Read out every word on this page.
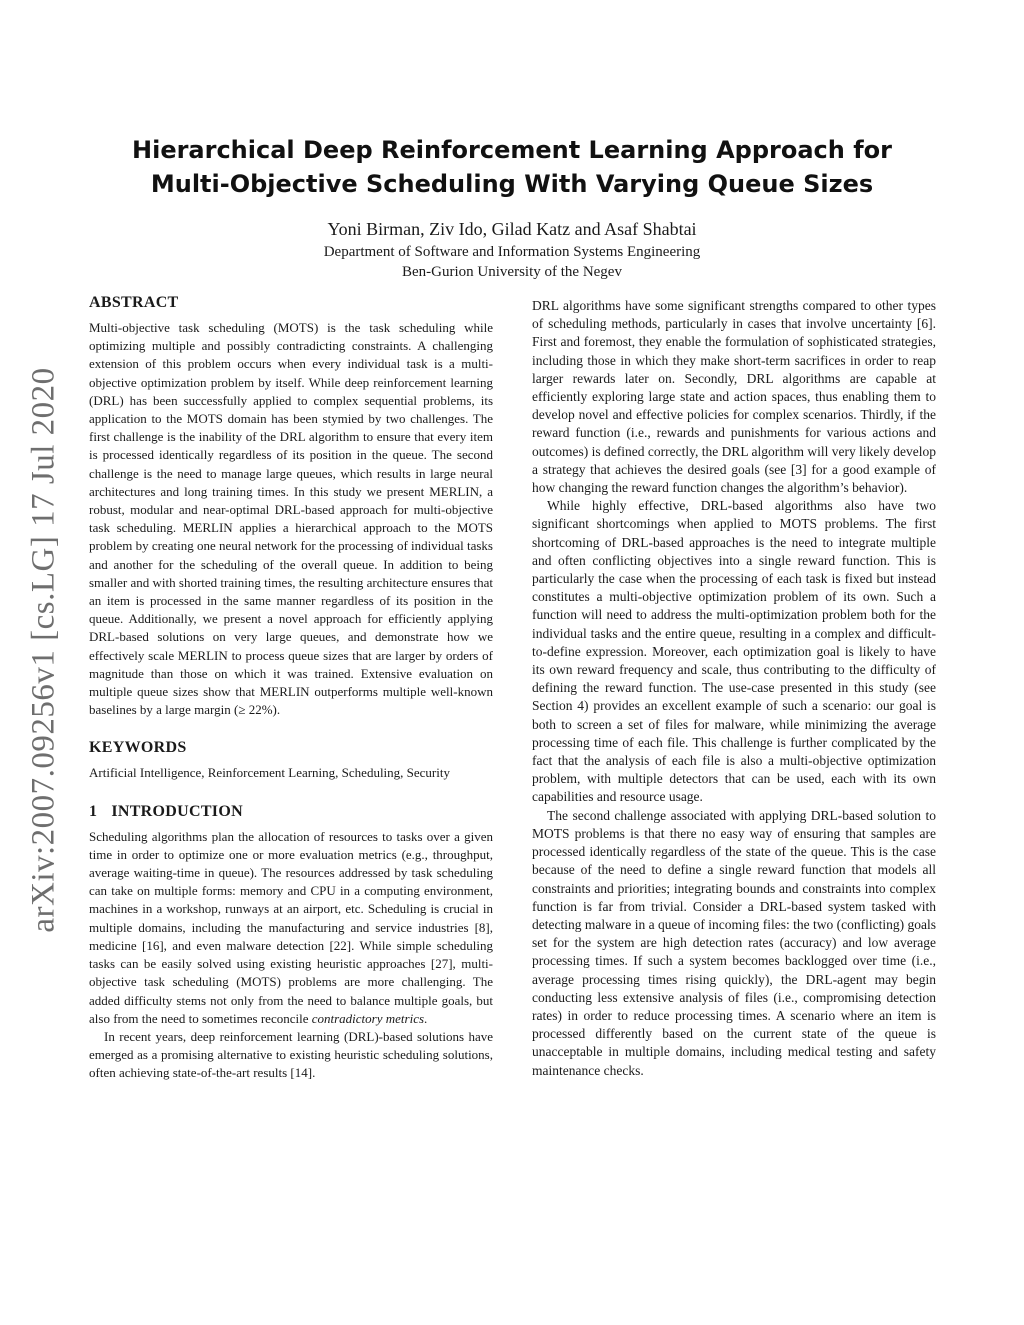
arXiv:2007.09256v1 [cs.LG] 17 Jul 2020
Hierarchical Deep Reinforcement Learning Approach for
Multi-Objective Scheduling With Varying Queue Sizes
Yoni Birman, Ziv Ido, Gilad Katz and Asaf Shabtai
Department of Software and Information Systems Engineering
Ben-Gurion University of the Negev
ABSTRACT

Multi-objective task scheduling (MOTS) is the task scheduling while optimizing multiple and possibly contradicting constraints. A challenging extension of this problem occurs when every individual task is a multi-objective optimization problem by itself. While deep reinforcement learning (DRL) has been successfully applied to complex sequential problems, its application to the MOTS domain has been stymied by two challenges. The first challenge is the inability of the DRL algorithm to ensure that every item is processed identically regardless of its position in the queue. The second challenge is the need to manage large queues, which results in large neural architectures and long training times. In this study we present MERLIN, a robust, modular and near-optimal DRL-based approach for multi-objective task scheduling. MERLIN applies a hierarchical approach to the MOTS problem by creating one neural network for the processing of individual tasks and another for the scheduling of the overall queue. In addition to being smaller and with shorted training times, the resulting architecture ensures that an item is processed in the same manner regardless of its position in the queue. Additionally, we present a novel approach for efficiently applying DRL-based solutions on very large queues, and demonstrate how we effectively scale MERLIN to process queue sizes that are larger by orders of magnitude than those on which it was trained. Extensive evaluation on multiple queue sizes show that MERLIN outperforms multiple well-known baselines by a large margin (≥ 22%).

KEYWORDS

Artificial Intelligence, Reinforcement Learning, Scheduling, Security

1 INTRODUCTION

Scheduling algorithms plan the allocation of resources to tasks over a given time in order to optimize one or more evaluation metrics (e.g., throughput, average waiting-time in queue). The resources addressed by task scheduling can take on multiple forms: memory and CPU in a computing environment, machines in a workshop, runways at an airport, etc. Scheduling is crucial in multiple domains, including the manufacturing and service industries [8], medicine [16], and even malware detection [22]. While simple scheduling tasks can be easily solved using existing heuristic approaches [27], multi-objective task scheduling (MOTS) problems are more challenging. The added difficulty stems not only from the need to balance multiple goals, but also from the need to sometimes reconcile contradictory metrics.

In recent years, deep reinforcement learning (DRL)-based solutions have emerged as a promising alternative to existing heuristic scheduling solutions, often achieving state-of-the-art results [14].

DRL algorithms have some significant strengths compared to other types of scheduling methods, particularly in cases that involve uncertainty [6]. First and foremost, they enable the formulation of sophisticated strategies, including those in which they make short-term sacrifices in order to reap larger rewards later on. Secondly, DRL algorithms are capable at efficiently exploring large state and action spaces, thus enabling them to develop novel and effective policies for complex scenarios. Thirdly, if the reward function (i.e., rewards and punishments for various actions and outcomes) is defined correctly, the DRL algorithm will very likely develop a strategy that achieves the desired goals (see [3] for a good example of how changing the reward function changes the algorithm’s behavior).

While highly effective, DRL-based algorithms also have two significant shortcomings when applied to MOTS problems. The first shortcoming of DRL-based approaches is the need to integrate multiple and often conflicting objectives into a single reward function. This is particularly the case when the processing of each task is fixed but instead constitutes a multi-objective optimization problem of its own. Such a function will need to address the multi-optimization problem both for the individual tasks and the entire queue, resulting in a complex and difficult-to-define expression. Moreover, each optimization goal is likely to have its own reward frequency and scale, thus contributing to the difficulty of defining the reward function. The use-case presented in this study (see Section 4) provides an excellent example of such a scenario: our goal is both to screen a set of files for malware, while minimizing the average processing time of each file. This challenge is further complicated by the fact that the analysis of each file is also a multi-objective optimization problem, with multiple detectors that can be used, each with its own capabilities and resource usage.

The second challenge associated with applying DRL-based solution to MOTS problems is that there no easy way of ensuring that samples are processed identically regardless of the state of the queue. This is the case because of the need to define a single reward function that models all constraints and priorities; integrating bounds and constraints into complex function is far from trivial. Consider a DRL-based system tasked with detecting malware in a queue of incoming files: the two (conflicting) goals set for the system are high detection rates (accuracy) and low average processing times. If such a system becomes backlogged over time (i.e., average processing times rising quickly), the DRL-agent may begin conducting less extensive analysis of files (i.e., compromising detection rates) in order to reduce processing times. A scenario where an item is processed differently based on the current state of the queue is unacceptable in multiple domains, including medical testing and safety maintenance checks.
